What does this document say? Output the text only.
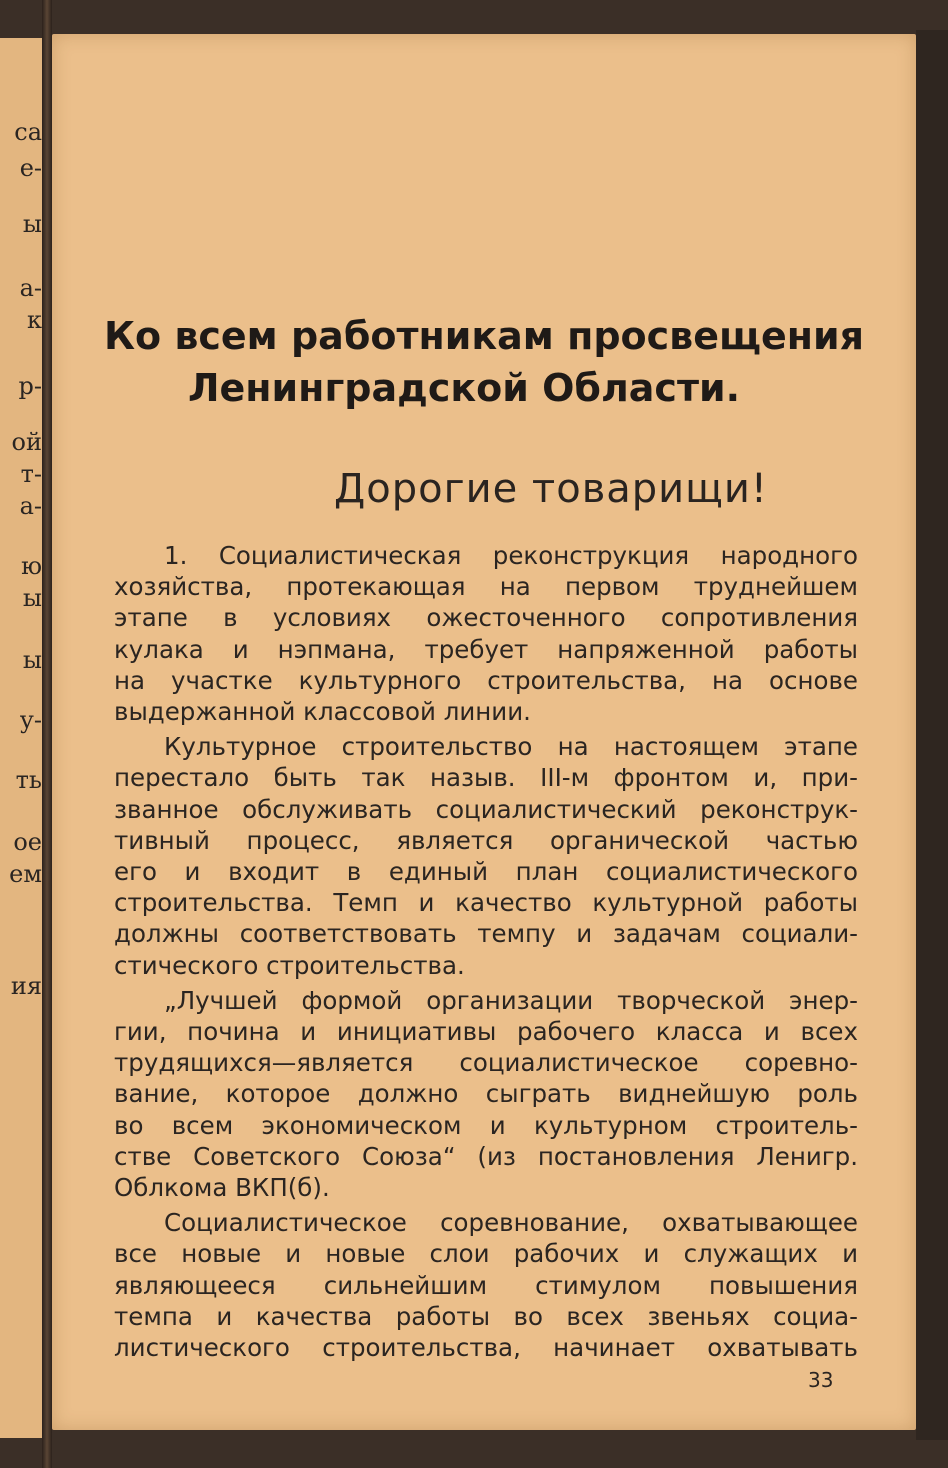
са
е-
ы
а-
к
р-
ой
т-
а-
ю
ы
ы
у-
ть
ое
ем
ия
Ко всем работникам просвещения
Ленинградской Области.
Дорогие товарищи!
1. Социалистическая реконструкция народного
хозяйства, протекающая на первом труднейшем
этапе в условиях ожесточенного сопротивления
кулака и нэпмана, требует напряженной работы
на участке культурного строительства, на основе
выдержанной классовой линии.
Культурное строительство на настоящем этапе
перестало быть так назыв. III-м фронтом и, при-
званное обслуживать социалистический реконструк-
тивный процесс, является органической частью
его и входит в единый план социалистического
строительства. Темп и качество культурной работы
должны соответствовать темпу и задачам социали-
стического строительства.
„Лучшей формой организации творческой энер-
гии, почина и инициативы рабочего класса и всех
трудящихся—является социалистическое соревно-
вание, которое должно сыграть виднейшую роль
во всем экономическом и культурном строитель-
стве Советского Союза“ (из постановления Ленигр.
Облкома ВКП(б).
Социалистическое соревнование, охватывающее
все новые и новые слои рабочих и служащих и
являющееся сильнейшим стимулом повышения
темпа и качества работы во всех звеньях социа-
листического строительства, начинает охватывать
33
